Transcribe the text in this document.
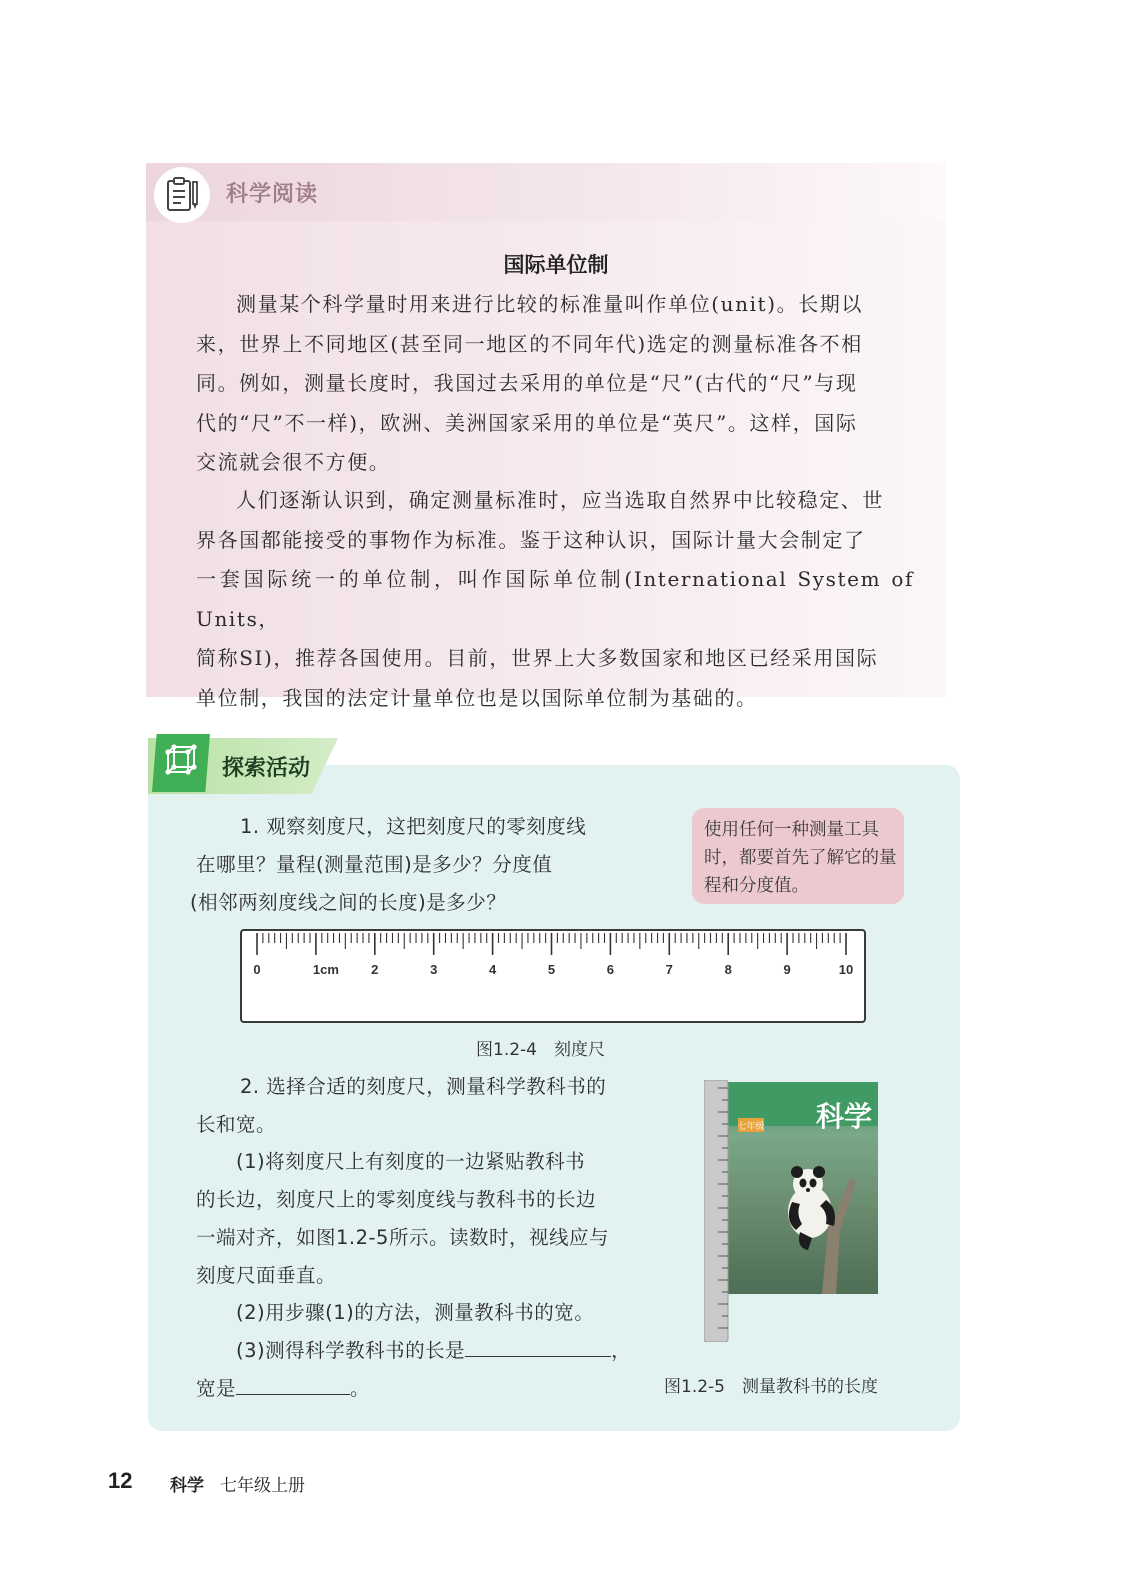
科学阅读
国际单位制
测量某个科学量时用来进行比较的标准量叫作单位(unit)。长期以
来，世界上不同地区(甚至同一地区的不同年代)选定的测量标准各不相
同。例如，测量长度时，我国过去采用的单位是“尺”(古代的“尺”与现
代的“尺”不一样)，欧洲、美洲国家采用的单位是“英尺”。这样，国际
交流就会很不方便。
人们逐渐认识到，确定测量标准时，应当选取自然界中比较稳定、世
界各国都能接受的事物作为标准。鉴于这种认识，国际计量大会制定了
一套国际统一的单位制，叫作国际单位制(International System of Units，
简称SI)，推荐各国使用。目前，世界上大多数国家和地区已经采用国际
单位制，我国的法定计量单位也是以国际单位制为基础的。
探索活动
1. 观察刻度尺，这把刻度尺的零刻度线
在哪里？量程(测量范围)是多少？分度值
(相邻两刻度线之间的长度)是多少？
使用任何一种测量工具时，都要首先了解它的量程和分度值。
0	1cm 2	3	4	5	6	7	8	9	10
图1.2-4　刻度尺
2. 选择合适的刻度尺，测量科学教科书的
长和宽。
(1)将刻度尺上有刻度的一边紧贴教科书
的长边，刻度尺上的零刻度线与教科书的长边
一端对齐，如图1.2-5所示。读数时，视线应与
刻度尺面垂直。
(2)用步骤(1)的方法，测量教科书的宽。
(3)测得科学教科书的长是	，
宽是	。
科学
七年级
图1.2-5　测量教科书的长度
12 科学 七年级上册
